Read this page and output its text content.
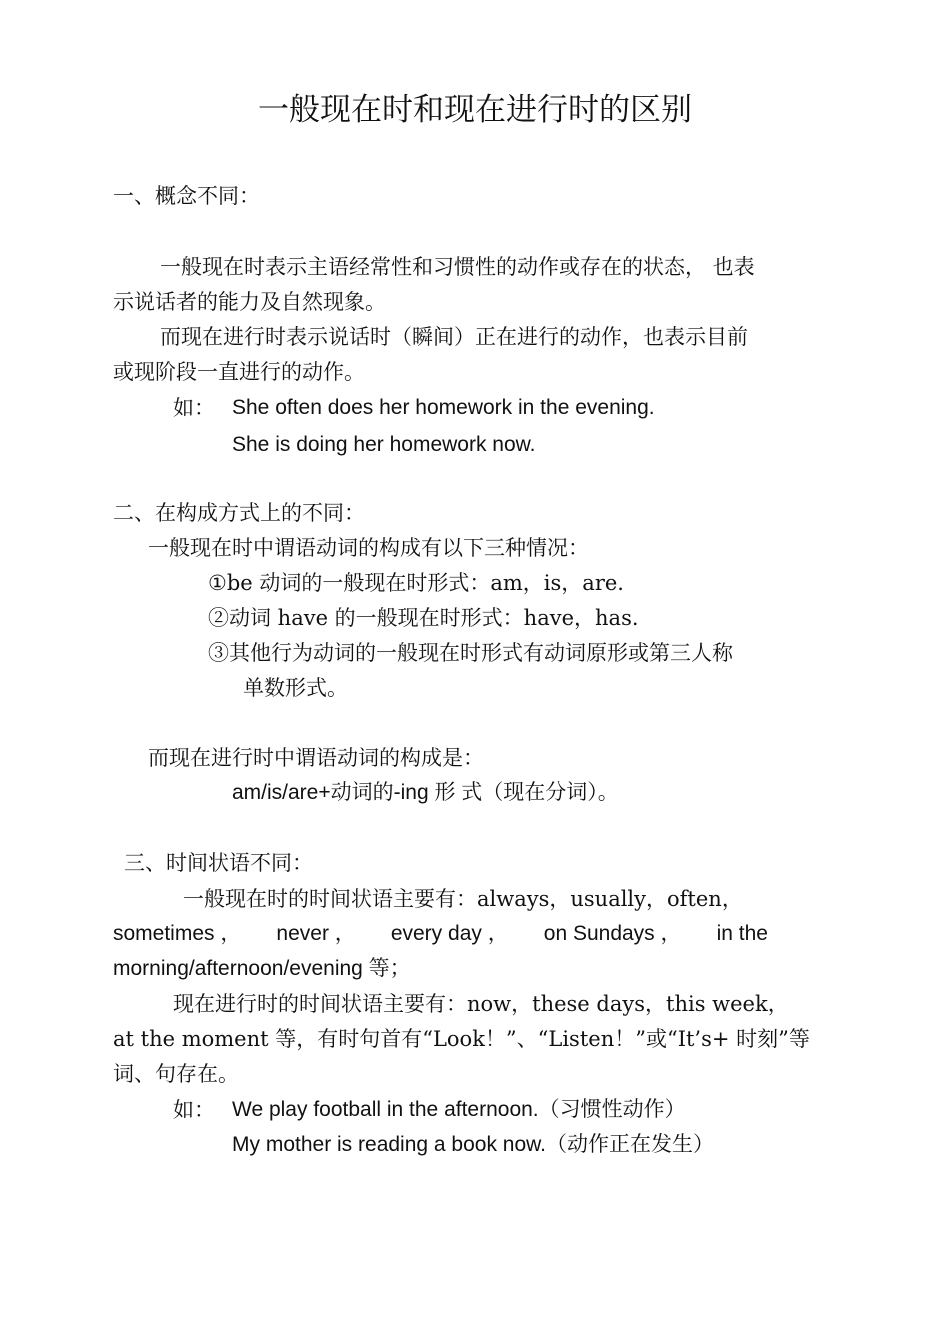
一般现在时和现在进行时的区别

一、概念不同：

一般现在时表示主语经常性和习惯性的动作或存在的状态， 也表

示说话者的能力及自然现象。

而现在进行时表示说话时（瞬间）正在进行的动作，也表示目前

或现阶段一直进行的动作。

如： She often does her homework in the evening.

She is doing her homework now.

二、在构成方式上的不同：

一般现在时中谓语动词的构成有以下三种情况：

①be 动词的一般现在时形式：am，is，are.

②动词 have 的一般现在时形式：have，has.

③其他行为动词的一般现在时形式有动词原形或第三人称

单数形式。

而现在进行时中谓语动词的构成是：

am/is/are+动词的-ing 形 式（现在分词）。

三、时间状语不同：

一般现在时的时间状语主要有：always，usually，often，

sometimes ， never ， every day ， on Sundays ， in the

morning/afternoon/evening 等；

现在进行时的时间状语主要有：now，these days，this week，

at the moment 等，有时句首有“Look！”、“Listen！”或“It’s+ 时刻”等

词、句存在。

如： We play football in the afternoon.（习惯性动作）

My mother is reading a book now.（动作正在发生）
